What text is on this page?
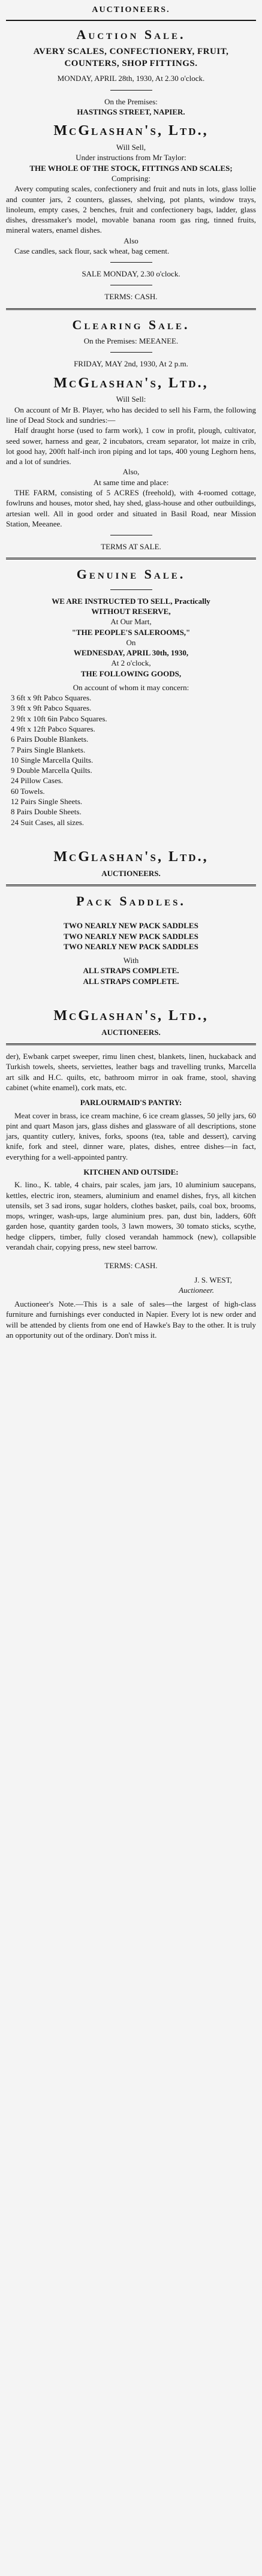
AUCTIONEERS.
Auction Sale.
AVERY SCALES, CONFECTIONERY, FRUIT, COUNTERS, SHOP FITTINGS.
MONDAY, APRIL 28th, 1930, At 2.30 o'clock.
On the Premises:
HASTINGS STREET, NAPIER.
McGlashan's, Ltd.,
Will Sell,
Under instructions from Mr Taylor:
THE WHOLE OF THE STOCK, FITTINGS AND SCALES;
Comprising:
Avery computing scales, confectionery and fruit and nuts in lots, glass lollie and counter jars, 2 counters, glasses, shelving, pot plants, window trays, linoleum, empty cases, 2 benches, fruit and confectionery bags, ladder, glass dishes, dressmaker's model, movable banana room gas ring, tinned fruits, mineral waters, enamel dishes.
Also
Case candles, sack flour, sack wheat, bag cement.
SALE MONDAY, 2.30 o'clock.
TERMS: CASH.
Clearing Sale.
On the Premises: MEEANEE.
FRIDAY, MAY 2nd, 1930, At 2 p.m.
McGlashan's, Ltd.,
Will Sell:
On account of Mr B. Player, who has decided to sell his Farm, the following line of Dead Stock and sundries:—
Half draught horse (used to farm work), 1 cow in profit, plough, cultivator, seed sower, harness and gear, 2 incubators, cream separator, lot maize in crib, lot good hay, 200ft half-inch iron piping and lot taps, 400 young Leghorn hens, and a lot of sundries.
Also,
At same time and place:
THE FARM, consisting of 5 ACRES (freehold), with 4-roomed cottage, fowlruns and houses, motor shed, hay shed, glass-house and other outbuildings, artesian well. All in good order and situated in Basil Road, near Mission Station, Meeanee.
TERMS AT SALE.
Genuine Sale.
WE ARE INSTRUCTED TO SELL, Practically
WITHOUT RESERVE,
At Our Mart,
"THE PEOPLE'S SALEROOMS,"
On
WEDNESDAY, APRIL 30th, 1930,
At 2 o'clock,
THE FOLLOWING GOODS,
On account of whom it may concern:
3 6ft x 9ft Pabco Squares.
3 9ft x 9ft Pabco Squares.
2 9ft x 10ft 6in Pabco Squares.
4 9ft x 12ft Pabco Squares.
6 Pairs Double Blankets.
7 Pairs Single Blankets.
10 Single Marcella Quilts.
9 Double Marcella Quilts.
24 Pillow Cases.
60 Towels.
12 Pairs Single Sheets.
8 Pairs Double Sheets.
24 Suit Cases, all sizes.
McGlashan's, Ltd.,
AUCTIONEERS.
Pack Saddles.
TWO NEARLY NEW PACK SADDLES
TWO NEARLY NEW PACK SADDLES
TWO NEARLY NEW PACK SADDLES
With
ALL STRAPS COMPLETE.
ALL STRAPS COMPLETE.
McGlashan's, Ltd.,
AUCTIONEERS.
der), Ewbank carpet sweeper, rimu linen chest, blankets, linen, huckaback and Turkish towels, sheets, serviettes, leather bags and travelling trunks, Marcella art silk and H.C. quilts, etc, bathroom mirror in oak frame, stool, shaving cabinet (white enamel), cork mats, etc.
PARLOURMAID'S PANTRY:
Meat cover in brass, ice cream machine, 6 ice cream glasses, 50 jelly jars, 60 pint and quart Mason jars, glass dishes and glassware of all descriptions, stone jars, quantity cutlery, knives, forks, spoons (tea, table and dessert), carving knife, fork and steel, dinner ware, plates, dishes, entree dishes—in fact, everything for a well-appointed pantry.
KITCHEN AND OUTSIDE:
K. lino., K. table, 4 chairs, pair scales, jam jars, 10 aluminium saucepans, kettles, electric iron, steamers, aluminium and enamel dishes, frys, all kitchen utensils, set 3 sad irons, sugar holders, clothes basket, pails, coal box, brooms, mops, wringer, wash-ups, large aluminium pres. pan, dust bin, ladders, 60ft garden hose, quantity garden tools, 3 lawn mowers, 30 tomato sticks, scythe, hedge clippers, timber, fully closed verandah hammock (new), collapsible verandah chair, copying press, new steel barrow.
TERMS: CASH.
J. S. WEST,
Auctioneer.
Auctioneer's Note.—This is a sale of sales—the largest of high-class furniture and furnishings ever conducted in Napier. Every lot is new order and will be attended by clients from one end of Hawke's Bay to the other. It is truly an opportunity out of the ordinary. Don't miss it.
